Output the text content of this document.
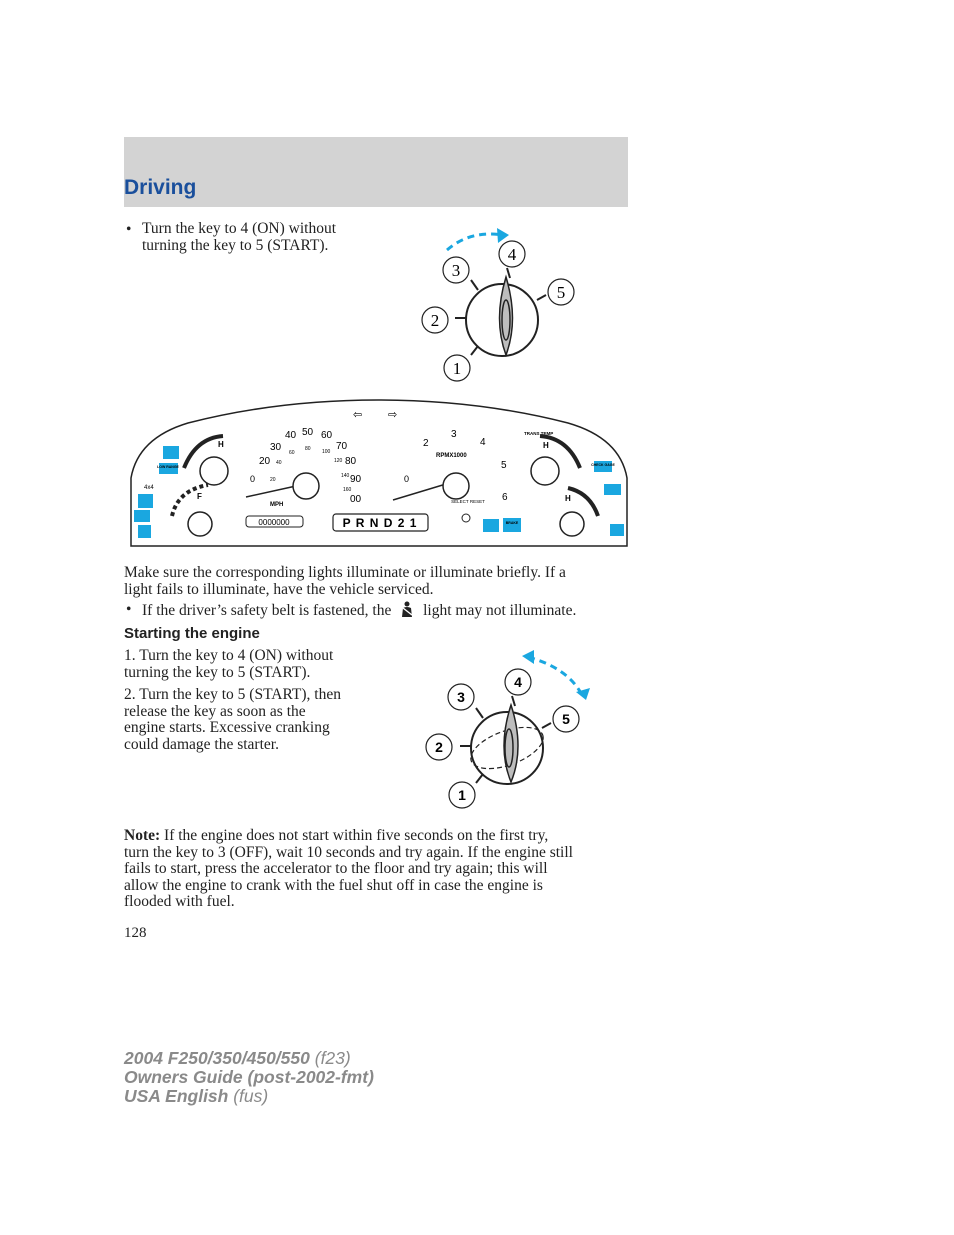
Driving
• Turn the key to 4 (ON) without
turning the key to 5 (START).
1
2
3
4
5
0
20
30
40 50 60
70
80
90
00
20
40
60
80 100
120
140
160
MPH
0000000
0
2
3
4
5
6
RPMX1000
SELECT RESET
P R N D 2 1
H
F
LOW RANGE
4x4
TRANS TEMP
H
CHECK GAGE
H
BRAKE
⇦ ⇨
Make sure the corresponding lights illuminate or illuminate briefly. If a
light fails to illuminate, have the vehicle serviced.
• If the driver’s safety belt is fastened, the light may not illuminate.
Starting the engine
1. Turn the key to 4 (ON) without
turning the key to 5 (START).
2. Turn the key to 5 (START), then
release the key as soon as the
engine starts. Excessive cranking
could damage the starter.
1
2
3
4
5
Note: If the engine does not start within five seconds on the first try,
turn the key to 3 (OFF), wait 10 seconds and try again. If the engine still
fails to start, press the accelerator to the floor and try again; this will
allow the engine to crank with the fuel shut off in case the engine is
flooded with fuel.
128
2004 F250/350/450/550 (f23)
Owners Guide (post-2002-fmt)
USA English (fus)
